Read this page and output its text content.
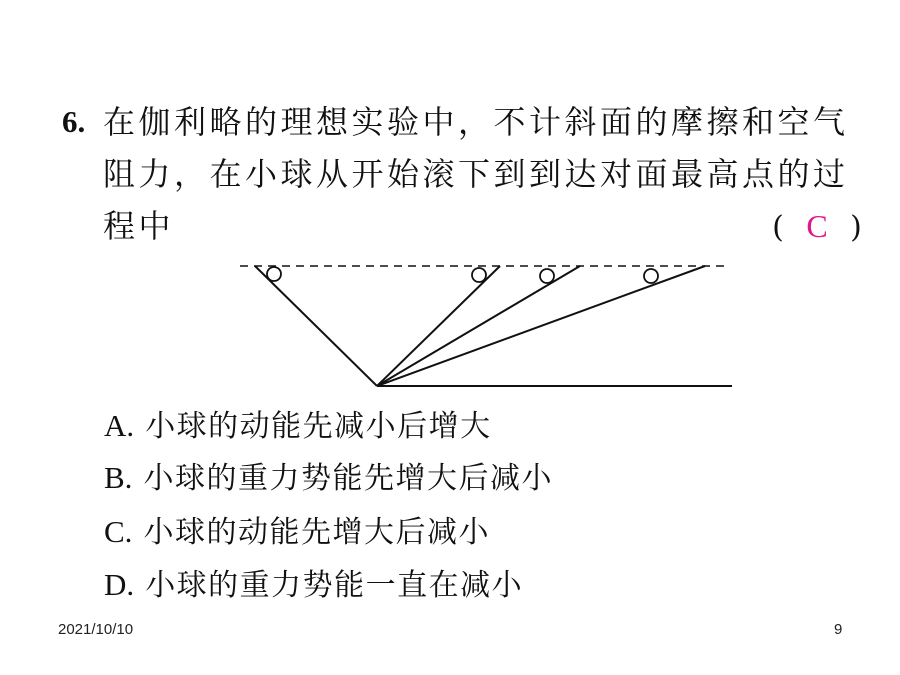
6. 在伽利略的理想实验中，不计斜面的摩擦和空气
阻力，在小球从开始滚下到到达对面最高点的过
程中	( C )
A. 小球的动能先减小后增大
B. 小球的重力势能先增大后减小
C. 小球的动能先增大后减小
D. 小球的重力势能一直在减小
2021/10/10	9
